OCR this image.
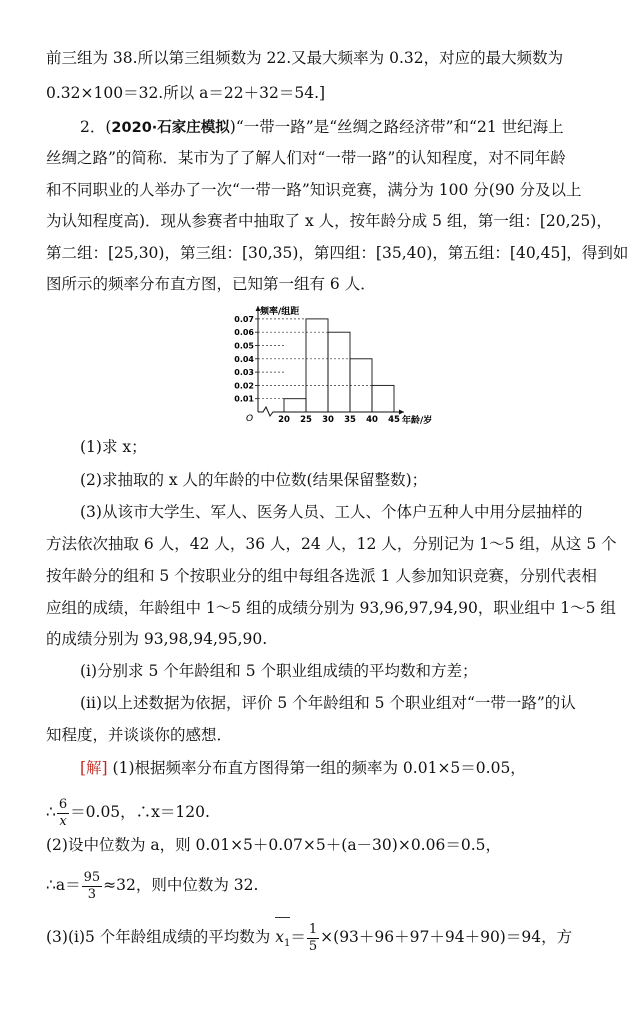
前三组为 38.所以第三组频数为 22.又最大频率为 0.32，对应的最大频数为
0.32×100＝32.所以 a＝22＋32＝54.]
2．(2020·石家庄模拟)“一带一路”是“丝绸之路经济带”和“21 世纪海上
丝绸之路”的简称．某市为了了解人们对“一带一路”的认知程度，对不同年龄
和不同职业的人举办了一次“一带一路”知识竞赛，满分为 100 分(90 分及以上
为认知程度高)．现从参赛者中抽取了 x 人，按年龄分成 5 组，第一组：[20,25)，
第二组：[25,30)，第三组：[30,35)，第四组：[35,40)，第五组：[40,45]，得到如
图所示的频率分布直方图，已知第一组有 6 人．
频率/组距
年龄/岁
O
0.01
0.02
0.03
0.04
0.05
0.06
0.07
20 25 30 35 40 45
(1)求 x；
(2)求抽取的 x 人的年龄的中位数(结果保留整数)；
(3)从该市大学生、军人、医务人员、工人、个体户五种人中用分层抽样的
方法依次抽取 6 人，42 人，36 人，24 人，12 人，分别记为 1～5 组，从这 5 个
按年龄分的组和 5 个按职业分的组中每组各选派 1 人参加知识竞赛，分别代表相
应组的成绩，年龄组中 1～5 组的成绩分别为 93,96,97,94,90，职业组中 1～5 组
的成绩分别为 93,98,94,95,90.
(ⅰ)分别求 5 个年龄组和 5 个职业组成绩的平均数和方差；
(ⅱ)以上述数据为依据，评价 5 个年龄组和 5 个职业组对“一带一路”的认
知程度，并谈谈你的感想．
[解] (1)根据频率分布直方图得第一组的频率为 0.01×5＝0.05，
∴ $\frac{6}{x} =0.05$，∴x＝120.
(2)设中位数为 a，则 0.01×5＋0.07×5＋(a－30)×0.06＝0.5，
∴a＝ $\frac{95}{3} \approx 32$，则中位数为 32.
(3)(ⅰ)5 个年龄组成绩的平均数为 $x_1= \frac{1}{5} \times(93+96+97+94+90)=94$，方
